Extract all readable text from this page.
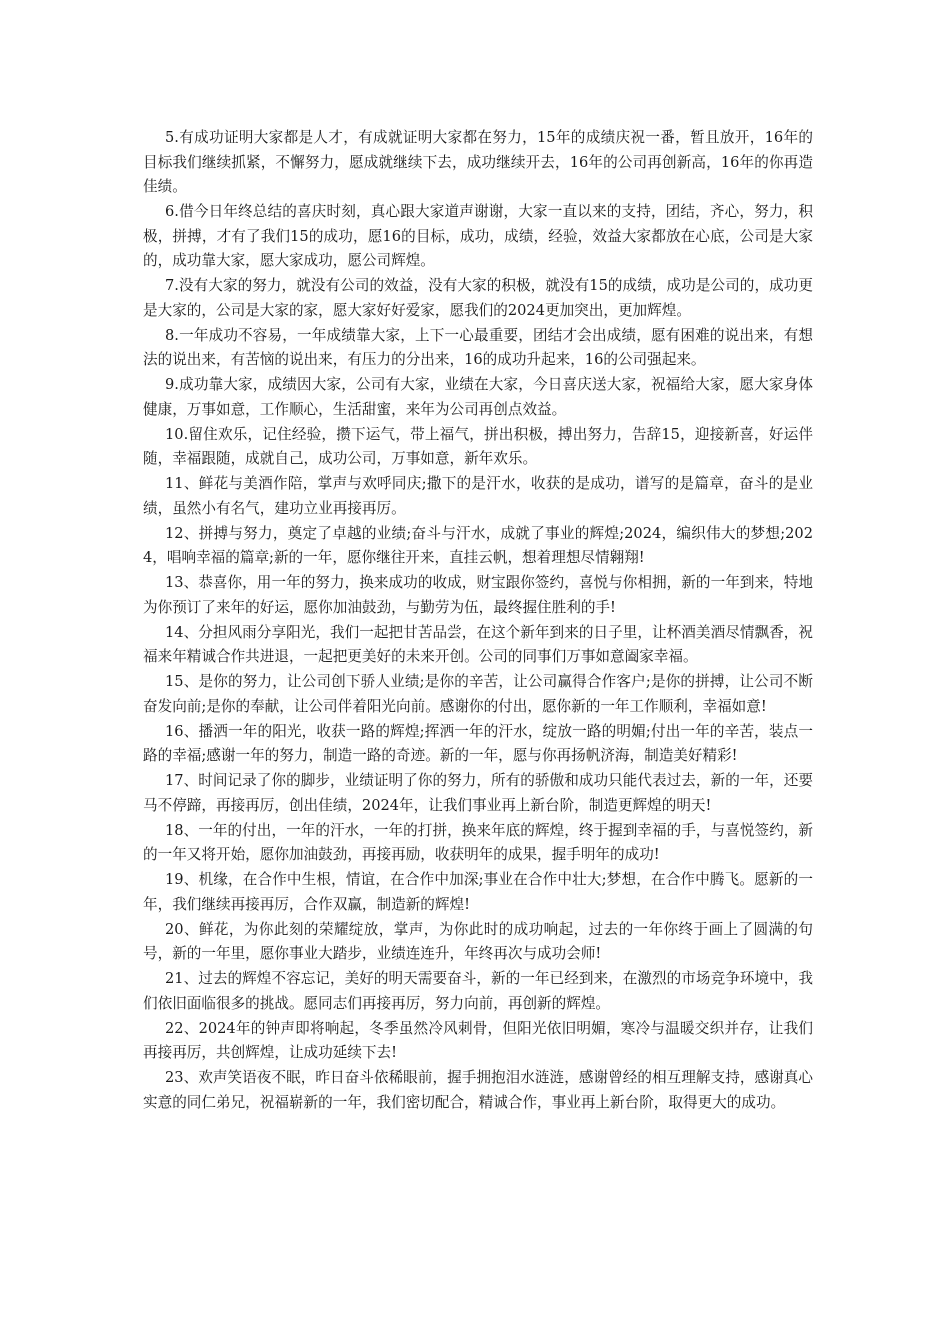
5.有成功证明大家都是人才，有成就证明大家都在努力，15年的成绩庆祝一番，暂且放开，16年的目标我们继续抓紧，不懈努力，愿成就继续下去，成功继续开去，16年的公司再创新高，16年的你再造佳绩。

6.借今日年终总结的喜庆时刻，真心跟大家道声谢谢，大家一直以来的支持，团结，齐心，努力，积极，拼搏，才有了我们15的成功，愿16的目标，成功，成绩，经验，效益大家都放在心底，公司是大家的，成功靠大家，愿大家成功，愿公司辉煌。

7.没有大家的努力，就没有公司的效益，没有大家的积极，就没有15的成绩，成功是公司的，成功更是大家的，公司是大家的家，愿大家好好爱家，愿我们的2024更加突出，更加辉煌。

8.一年成功不容易，一年成绩靠大家，上下一心最重要，团结才会出成绩，愿有困难的说出来，有想法的说出来，有苦恼的说出来，有压力的分出来，16的成功升起来，16的公司强起来。

9.成功靠大家，成绩因大家，公司有大家，业绩在大家，今日喜庆送大家，祝福给大家，愿大家身体健康，万事如意，工作顺心，生活甜蜜，来年为公司再创点效益。

10.留住欢乐，记住经验，攒下运气，带上福气，拼出积极，搏出努力，告辞15，迎接新喜，好运伴随，幸福跟随，成就自己，成功公司，万事如意，新年欢乐。

11、鲜花与美酒作陪，掌声与欢呼同庆;撒下的是汗水，收获的是成功，谱写的是篇章，奋斗的是业绩，虽然小有名气，建功立业再接再厉。

12、拼搏与努力，奠定了卓越的业绩;奋斗与汗水，成就了事业的辉煌;2024，编织伟大的梦想;2024，唱响幸福的篇章;新的一年，愿你继往开来，直挂云帆，想着理想尽情翱翔!

13、恭喜你，用一年的努力，换来成功的收成，财宝跟你签约，喜悦与你相拥，新的一年到来，特地为你预订了来年的好运，愿你加油鼓劲，与勤劳为伍，最终握住胜利的手!

14、分担风雨分享阳光，我们一起把甘苦品尝，在这个新年到来的日子里，让杯酒美酒尽情飘香，祝福来年精诚合作共进退，一起把更美好的未来开创。公司的同事们万事如意阖家幸福。

15、是你的努力，让公司创下骄人业绩;是你的辛苦，让公司赢得合作客户;是你的拼搏，让公司不断奋发向前;是你的奉献，让公司伴着阳光向前。感谢你的付出，愿你新的一年工作顺利，幸福如意!

16、播洒一年的阳光，收获一路的辉煌;挥洒一年的汗水，绽放一路的明媚;付出一年的辛苦，装点一路的幸福;感谢一年的努力，制造一路的奇迹。新的一年，愿与你再扬帆济海，制造美好精彩!

17、时间记录了你的脚步，业绩证明了你的努力，所有的骄傲和成功只能代表过去，新的一年，还要马不停蹄，再接再厉，创出佳绩，2024年，让我们事业再上新台阶，制造更辉煌的明天!

18、一年的付出，一年的汗水，一年的打拼，换来年底的辉煌，终于握到幸福的手，与喜悦签约，新的一年又将开始，愿你加油鼓劲，再接再励，收获明年的成果，握手明年的成功!

19、机缘，在合作中生根，情谊，在合作中加深;事业在合作中壮大;梦想，在合作中腾飞。愿新的一年，我们继续再接再厉，合作双赢，制造新的辉煌!

20、鲜花，为你此刻的荣耀绽放，掌声，为你此时的成功响起，过去的一年你终于画上了圆满的句号，新的一年里，愿你事业大踏步，业绩连连升，年终再次与成功会师!

21、过去的辉煌不容忘记，美好的明天需要奋斗，新的一年已经到来，在激烈的市场竞争环境中，我们依旧面临很多的挑战。愿同志们再接再厉，努力向前，再创新的辉煌。

22、2024年的钟声即将响起，冬季虽然冷风刺骨，但阳光依旧明媚，寒冷与温暖交织并存，让我们再接再厉，共创辉煌，让成功延续下去!

23、欢声笑语夜不眠，昨日奋斗依稀眼前，握手拥抱泪水涟涟，感谢曾经的相互理解支持，感谢真心实意的同仁弟兄，祝福崭新的一年，我们密切配合，精诚合作，事业再上新台阶，取得更大的成功。
